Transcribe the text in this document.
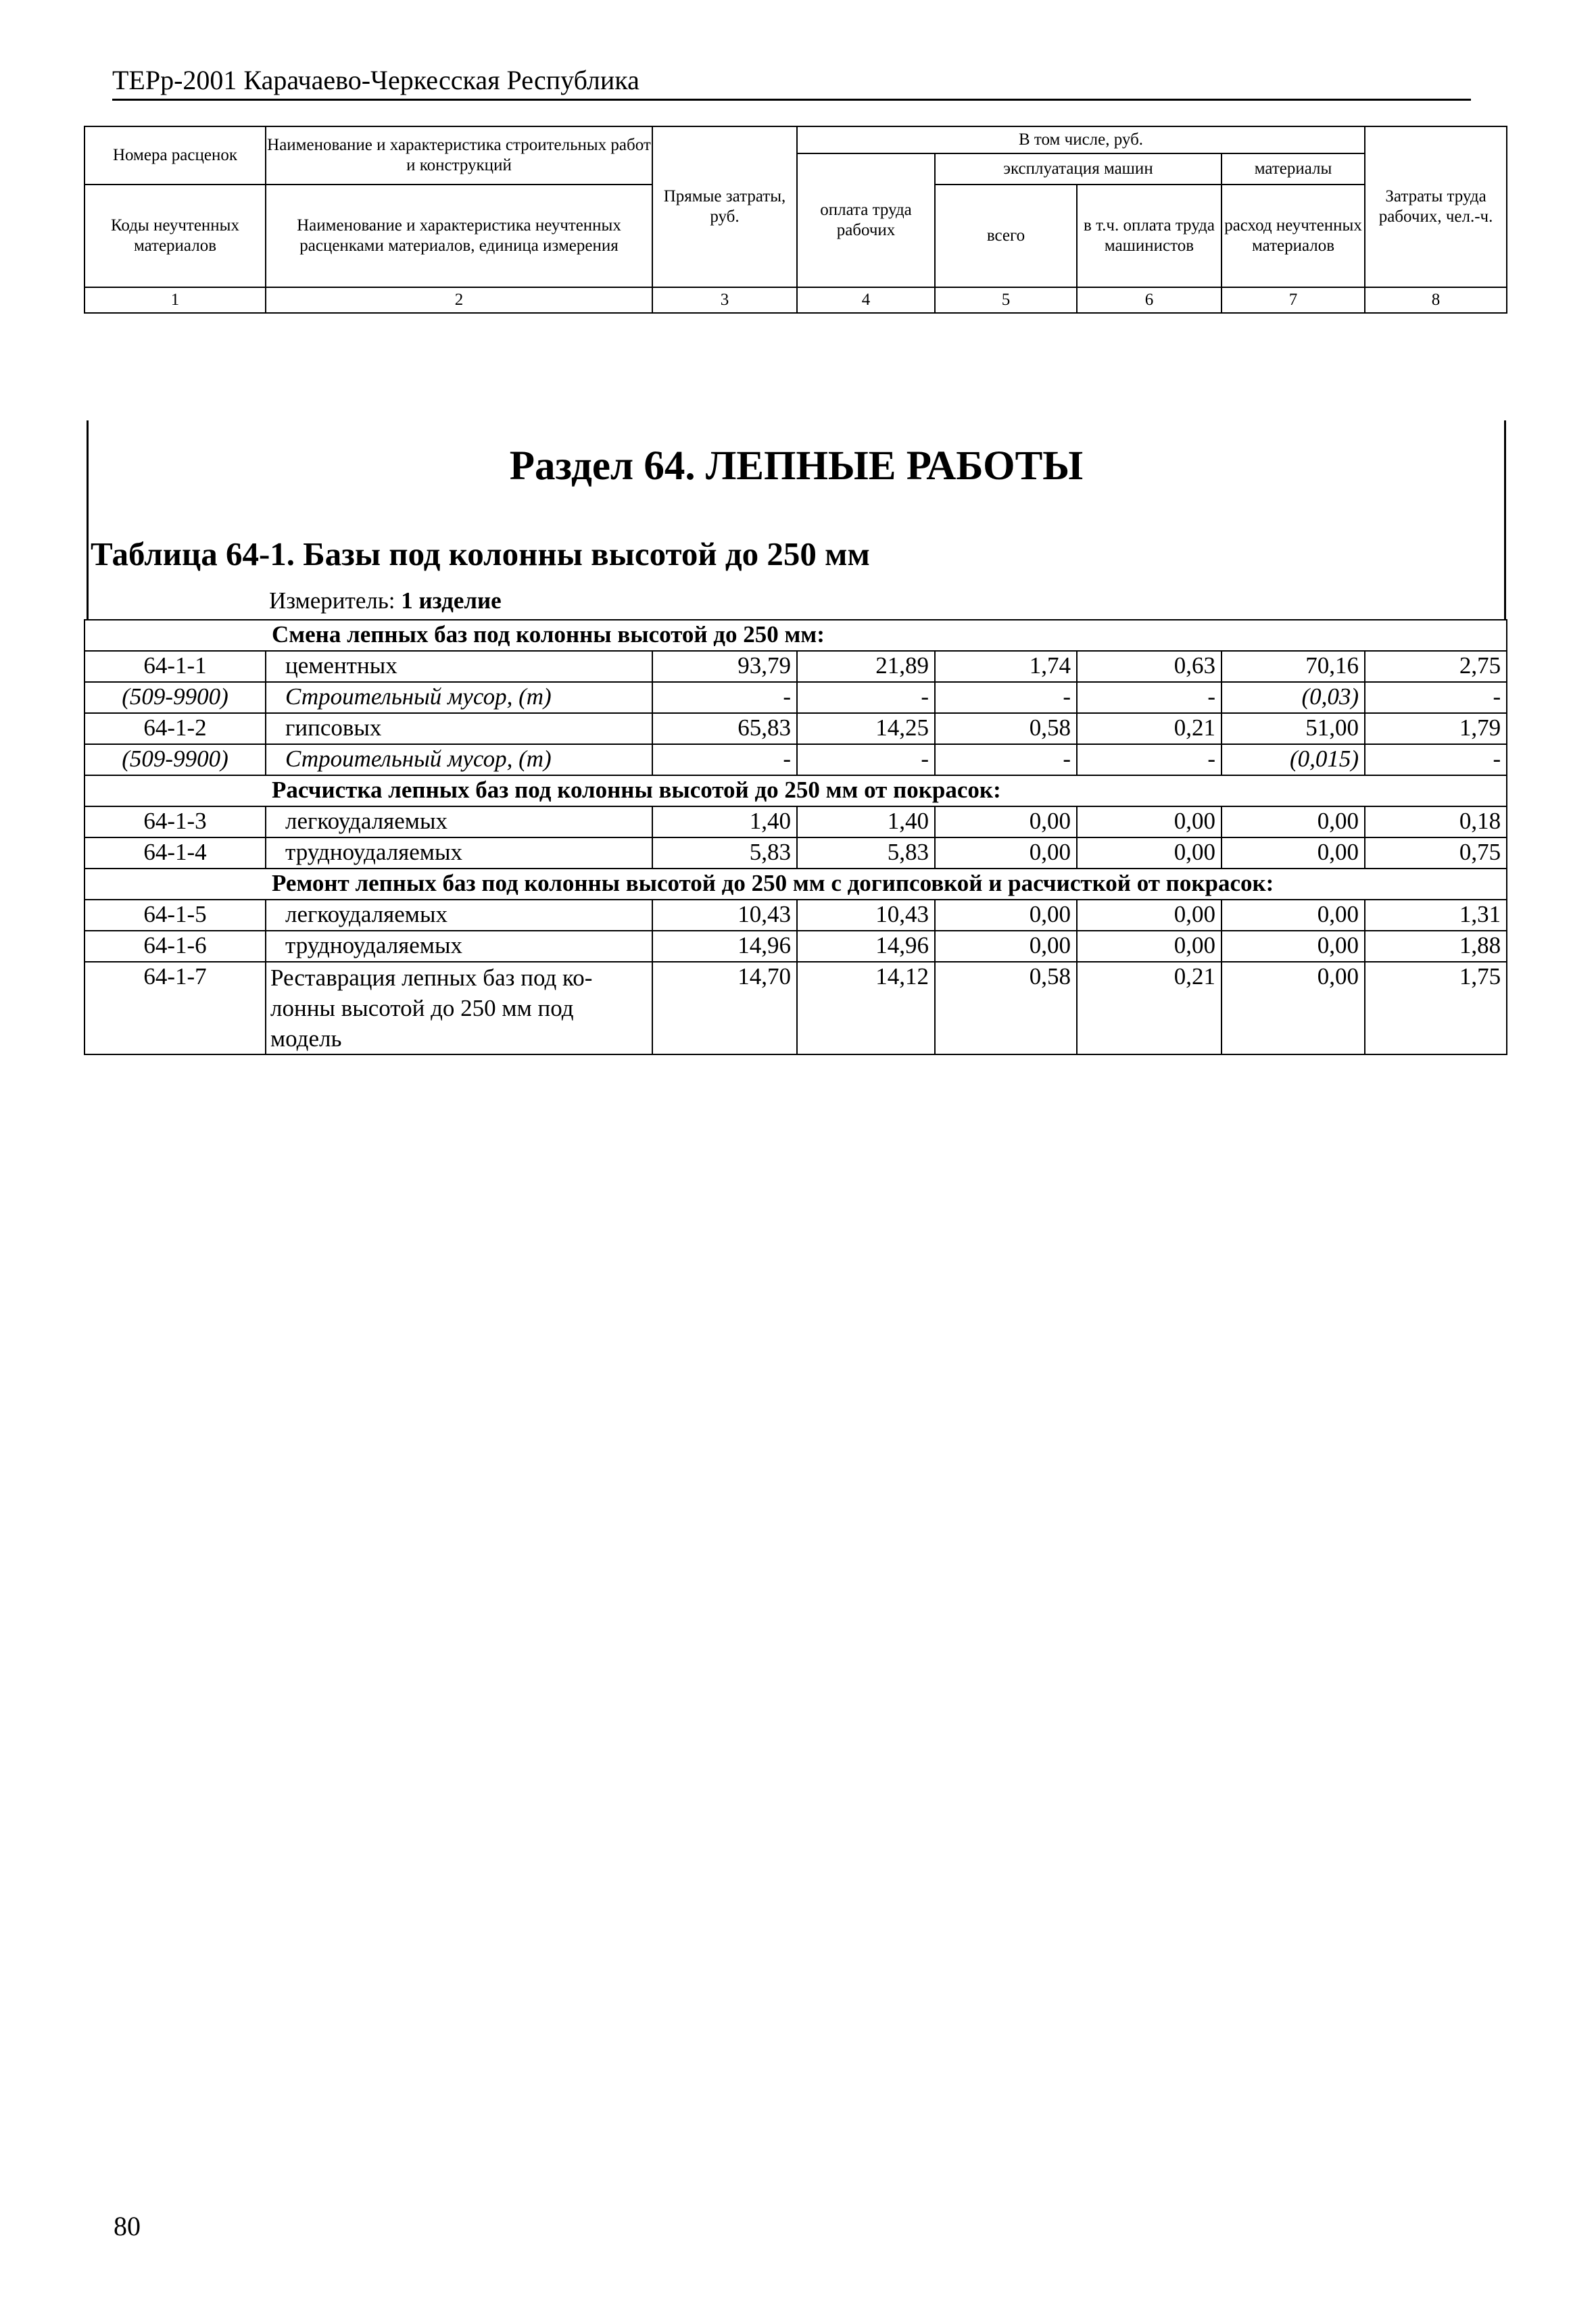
ТЕРр-2001 Карачаево-Черкесская Республика
Номера расценок	Наименование и характеристика строительных работ и конструкций	Прямые затраты, руб.	В том числе, руб.				Затраты труда рабочих, чел.-ч.
			оплата труда рабочих	эксплуатация машин		материалы	
Коды неучтенных материалов	Наименование и характеристика неучтенных расценками материалов, единица измерения			всего	в т.ч. оплата труда машинистов	расход неучтенных материалов	
1	2	3	4	5	6	7	8
Раздел 64. ЛЕПНЫЕ РАБОТЫ
Таблица 64-1. Базы под колонны высотой до 250 мм
Измеритель: 1 изделие
Смена лепных баз под колонны высотой до 250 мм:							
64-1-1	цементных	93,79	21,89	1,74	0,63	70,16	2,75
(509-9900)	Строительный мусор, (т)	-	-	-	-	(0,03)	-
64-1-2	гипсовых	65,83	14,25	0,58	0,21	51,00	1,79
(509-9900)	Строительный мусор, (т)	-	-	-	-	(0,015)	-
Расчистка лепных баз под колонны высотой до 250 мм от покрасок:							
64-1-3	легкоудаляемых	1,40	1,40	0,00	0,00	0,00	0,18
64-1-4	трудноудаляемых	5,83	5,83	0,00	0,00	0,00	0,75
Ремонт лепных баз под колонны высотой до 250 мм с догипсовкой и расчисткой от покрасок:							
64-1-5	легкоудаляемых	10,43	10,43	0,00	0,00	0,00	1,31
64-1-6	трудноудаляемых	14,96	14,96	0,00	0,00	0,00	1,88
64-1-7	Реставрация лепных баз под ко-
лонны высотой до 250 мм под
модель	14,70	14,12	0,58	0,21	0,00	1,75
80
